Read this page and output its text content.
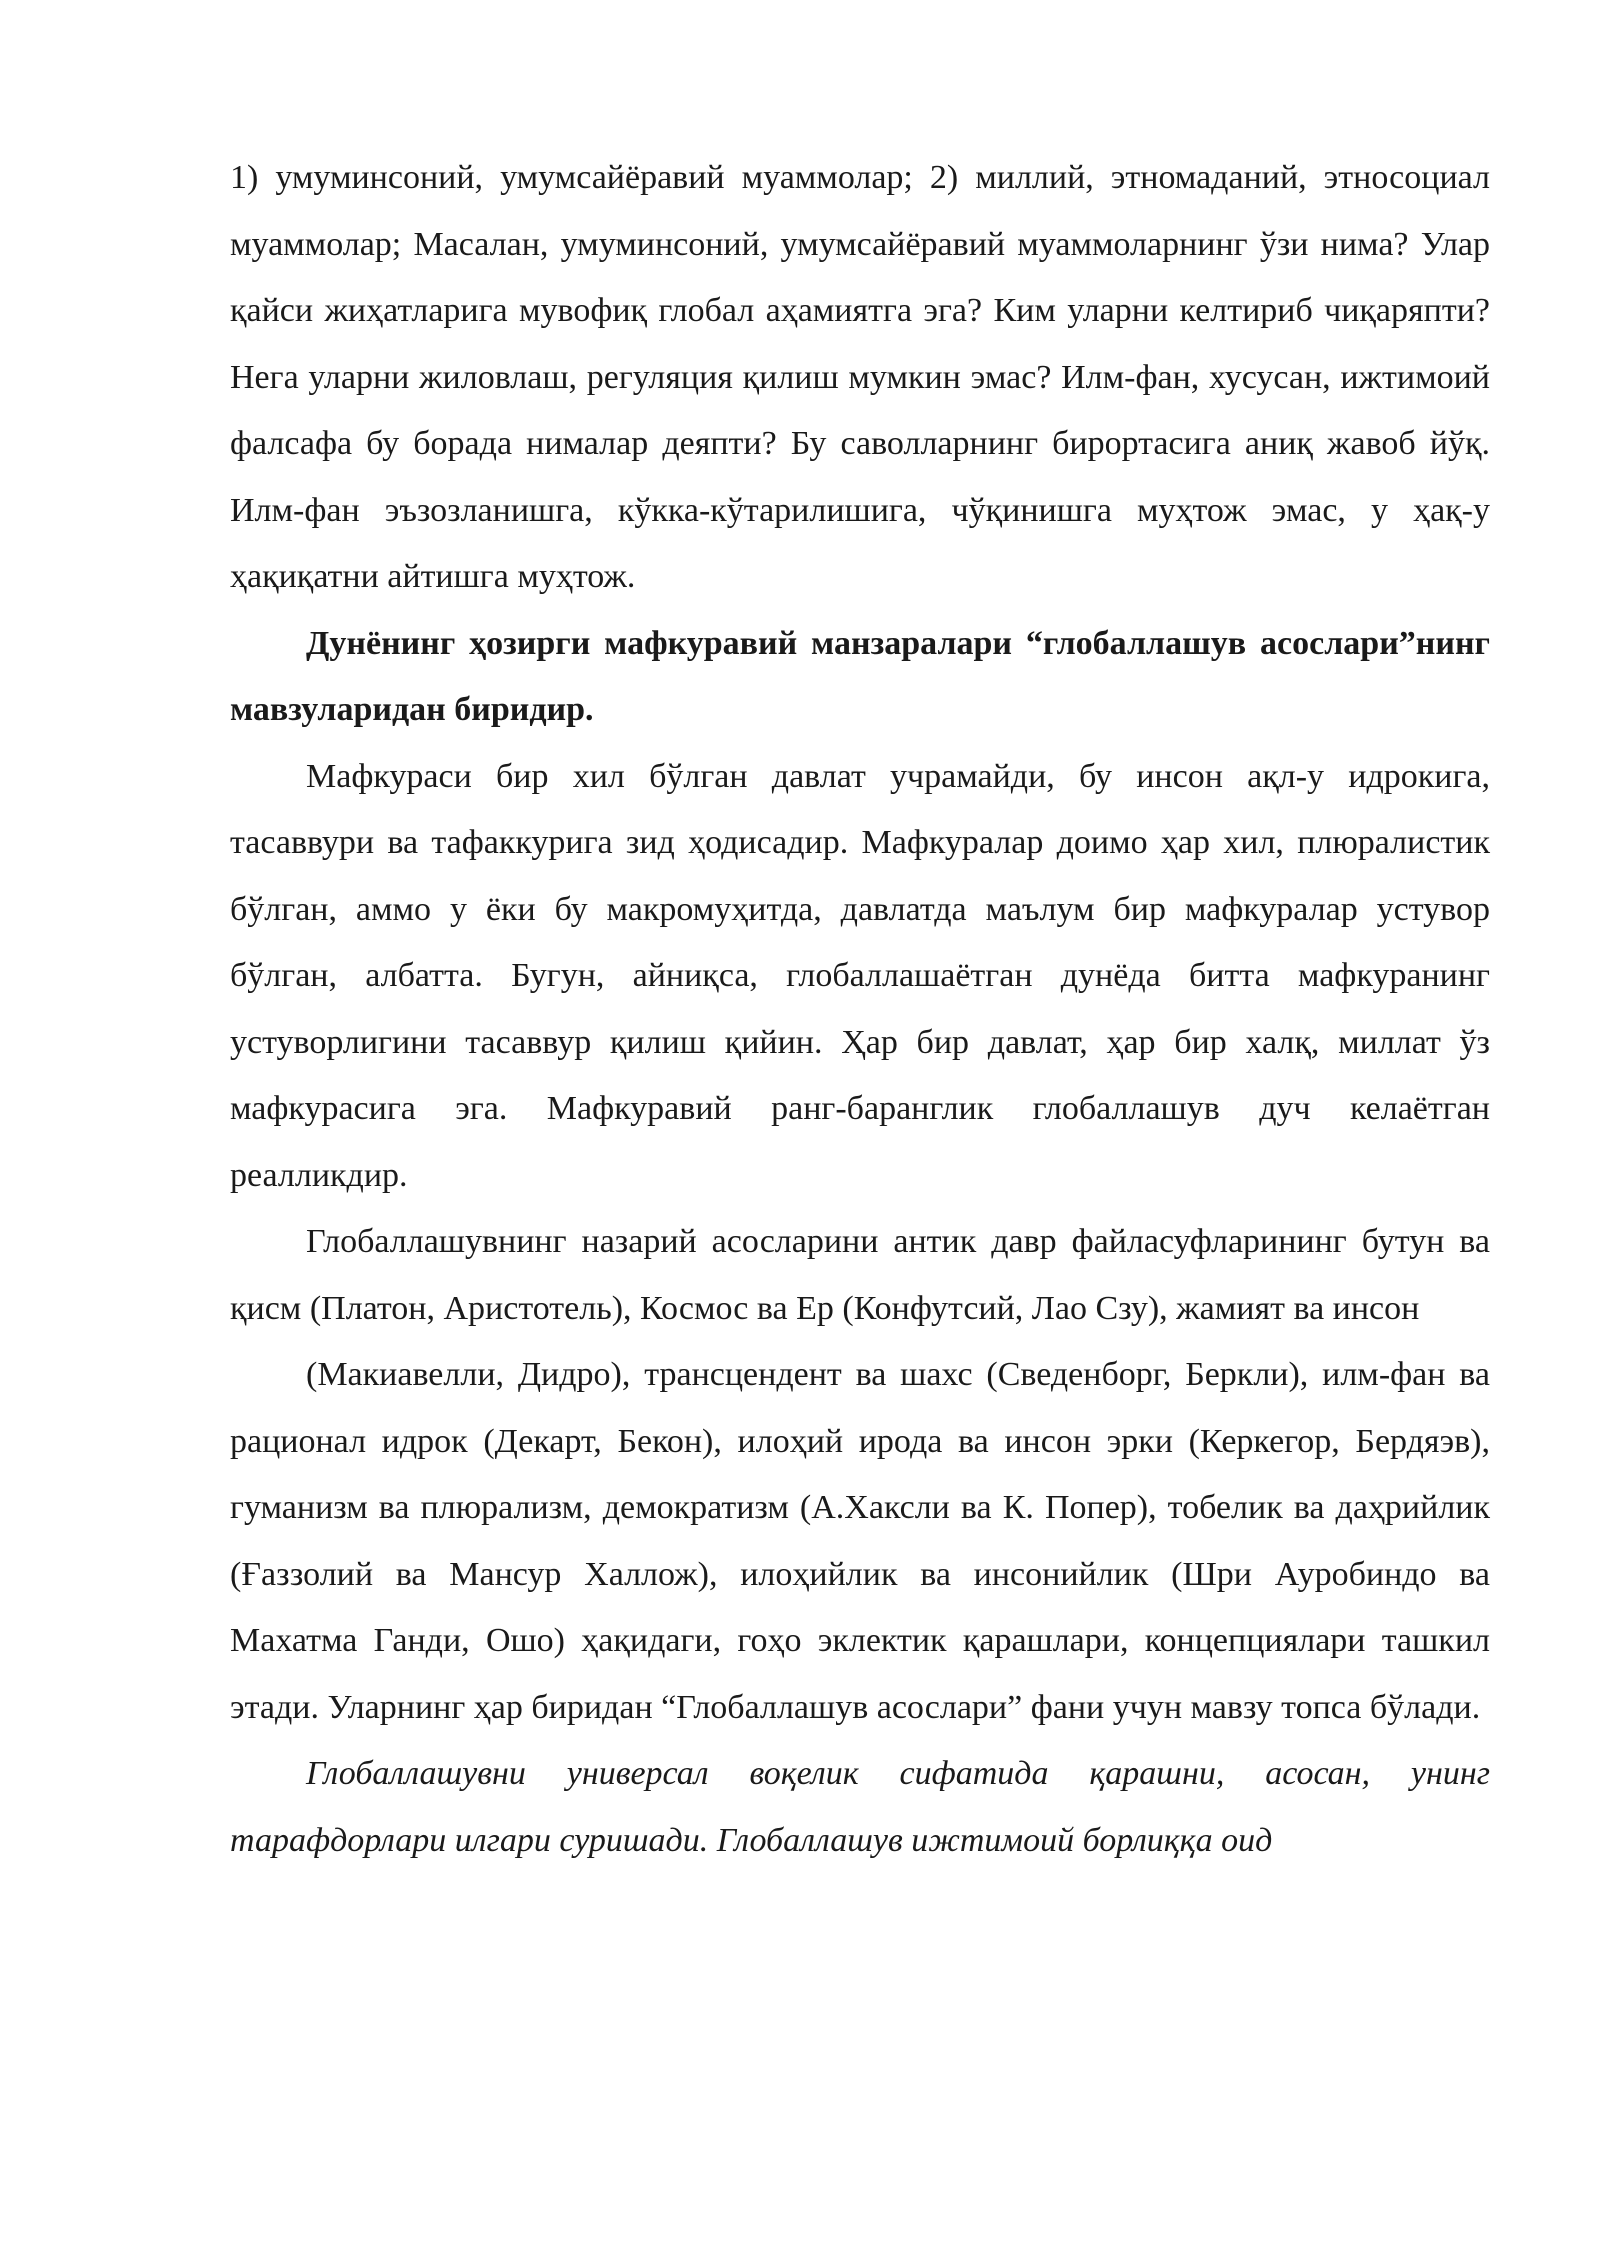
1) умуминсоний, умумсайёравий муаммолар; 2) миллий, этномаданий, этносоциал муаммолар; Масалан, умуминсоний, умумсайёравий муаммоларнинг ўзи нима? Улар қайси жиҳатларига мувофиқ глобал аҳамиятга эга? Ким уларни келтириб чиқаряпти? Нега уларни жиловлаш, регуляция қилиш мумкин эмас? Илм-фан, хусусан, ижтимоий фалсафа бу борада нималар деяпти? Бу саволларнинг бирортасига аниқ жавоб йўқ. Илм-фан эъзозланишга, кўкка-кўтарилишига, чўқинишга муҳтож эмас, у ҳақ-у ҳақиқатни айтишга муҳтож.

Дунёнинг ҳозирги мафкуравий манзаралари “глобаллашув асослари”нинг мавзуларидан биридир.

Мафкураси бир хил бўлган давлат учрамайди, бу инсон ақл-у идрокига, тасаввури ва тафаккурига зид ҳодисадир. Мафкуралар доимо ҳар хил, плюралистик бўлган, аммо у ёки бу макромуҳитда, давлатда маълум бир мафкуралар устувор бўлган, албатта. Бугун, айниқса, глобаллашаётган дунёда битта мафкуранинг устуворлигини тасаввур қилиш қийин. Ҳар бир давлат, ҳар бир халқ, миллат ўз мафкурасига эга. Мафкуравий ранг-баранглик глобаллашув дуч келаётган реалликдир.

Глобаллашувнинг назарий асосларини антик давр файласуфларининг бутун ва қисм (Платон, Аристотель), Космос ва Ер (Конфутсий, Лао Сзу), жамият ва инсон

(Макиавелли, Дидро), трансцендент ва шахс (Сведенборг, Беркли), илм-фан ва рационал идрок (Декарт, Бекон), илоҳий ирода ва инсон эрки (Керкегор, Бердяэв), гуманизм ва плюрализм, демократизм (А.Хаксли ва К. Попер), тобелик ва даҳрийлик (Ғаззолий ва Мансур Халлож), илоҳийлик ва инсонийлик (Шри Ауробиндо ва Махатма Ганди, Ошо) ҳақидаги, гоҳо эклектик қарашлари, концепциялари ташкил этади. Уларнинг ҳар биридан “Глобаллашув асослари” фани учун мавзу топса бўлади.

Глобаллашувни универсал воқелик сифатида қарашни, асосан, унинг тарафдорлари илгари суришади. Глобаллашув ижтимоий борлиққа оид
